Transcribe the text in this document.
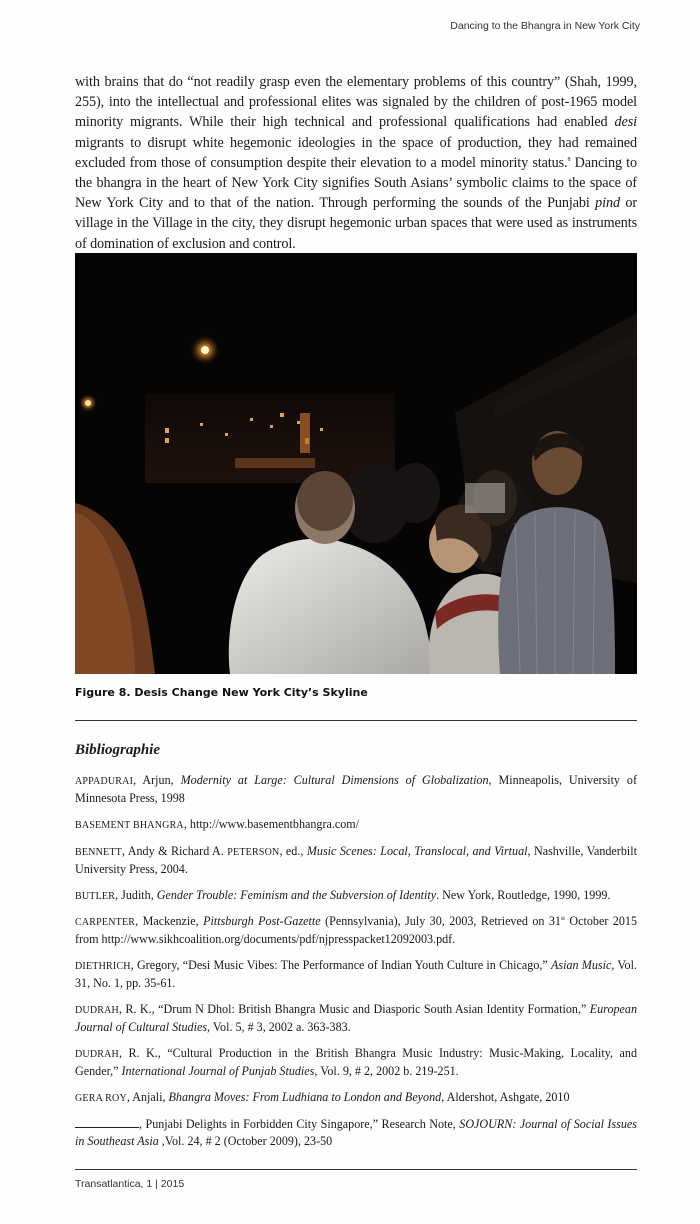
Dancing to the Bhangra in New York City

with brains that do “not readily grasp even the elementary problems of this country” (Shah, 1999, 255), into the intellectual and professional elites was signaled by the children of post-1965 model minority migrants. While their high technical and professional qualifications had enabled desi migrants to disrupt white hegemonic ideologies in the space of production, they had remained excluded from those of consumption despite their elevation to a model minority status.$^8$ Dancing to the bhangra in the heart of New York City signifies South Asians’ symbolic claims to the space of New York City and to that of the nation. Through performing the sounds of the Punjabi pind or village in the Village in the city, they disrupt hegemonic urban spaces that were used as instruments of domination of exclusion and control.

Figure 8. Desis Change New York City’s Skyline
Bibliographie
APPADURAI, Arjun, Modernity at Large: Cultural Dimensions of Globalization, Minneapolis, University of Minnesota Press, 1998
BASEMENT BHANGRA, http://www.basementbhangra.com/
BENNETT, Andy & Richard A. PETERSON, ed., Music Scenes: Local, Translocal, and Virtual, Nashville, Vanderbilt University Press, 2004.
BUTLER, Judith, Gender Trouble: Feminism and the Subversion of Identity. New York, Routledge, 1990, 1999.
CARPENTER, Mackenzie, Pittsburgh Post-Gazette (Pennsylvania), July 30, 2003, Retrieved on 31st October 2015 from http://www.sikhcoalition.org/documents/pdf/njpresspacket12092003.pdf.
DIETHRICH, Gregory, “Desi Music Vibes: The Performance of Indian Youth Culture in Chicago,” Asian Music, Vol. 31, No. 1, pp. 35-61.
DUDRAH, R. K., “Drum N Dhol: British Bhangra Music and Diasporic South Asian Identity Formation,” European Journal of Cultural Studies, Vol. 5, # 3, 2002 a. 363-383.
DUDRAH, R. K., “Cultural Production in the British Bhangra Music Industry: Music-Making, Locality, and Gender,” International Journal of Punjab Studies, Vol. 9, # 2, 2002 b. 219-251.
GERA ROY, Anjali, Bhangra Moves: From Ludhiana to London and Beyond, Aldershot, Ashgate, 2010
, Punjabi Delights in Forbidden City Singapore,” Research Note, SOJOURN: Journal of Social Issues in Southeast Asia ,Vol. 24, # 2 (October 2009), 23-50
Transatlantica, 1 | 2015
